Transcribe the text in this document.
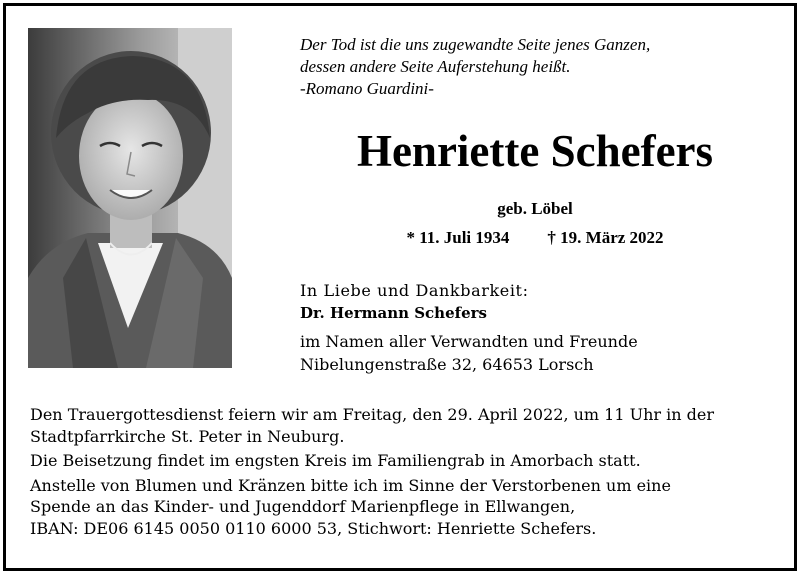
Der Tod ist die uns zugewandte Seite jenes Ganzen,
dessen andere Seite Auferstehung heißt.
-Romano Guardini-
Henriette Schefers
geb. Löbel
* 11. Juli 1934 † 19. März 2022
In Liebe und Dankbarkeit:
Dr. Hermann Schefers
im Namen aller Verwandten und Freunde
Nibelungenstraße 32, 64653 Lorsch
Den Trauergottesdienst feiern wir am Freitag, den 29. April 2022, um 11 Uhr in der
Stadtpfarrkirche St. Peter in Neuburg.
Die Beisetzung findet im engsten Kreis im Familiengrab in Amorbach statt.
Anstelle von Blumen und Kränzen bitte ich im Sinne der Verstorbenen um eine
Spende an das Kinder- und Jugenddorf Marienpflege in Ellwangen,
IBAN: DE06 6145 0050 0110 6000 53, Stichwort: Henriette Schefers.
